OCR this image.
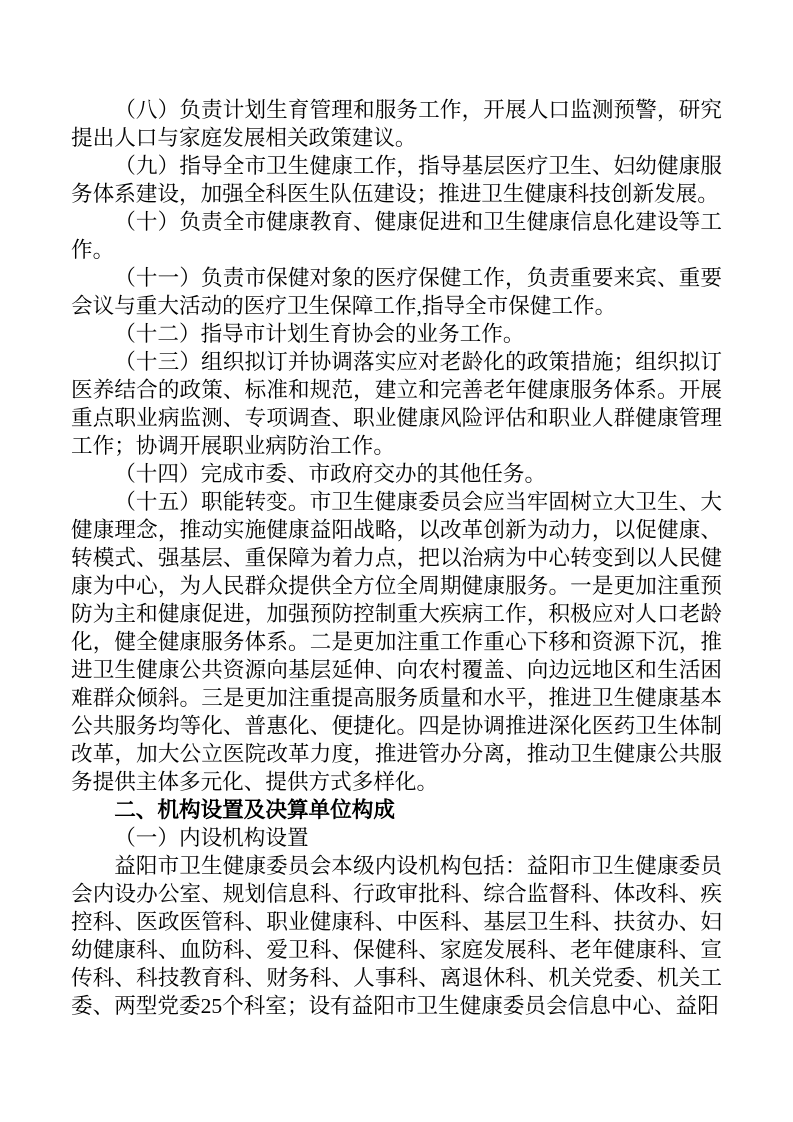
（八）负责计划生育管理和服务工作，开展人口监测预警，研究提出人口与家庭发展相关政策建议。

（九）指导全市卫生健康工作，指导基层医疗卫生、妇幼健康服务体系建设，加强全科医生队伍建设；推进卫生健康科技创新发展。

（十）负责全市健康教育、健康促进和卫生健康信息化建设等工作。

（十一）负责市保健对象的医疗保健工作，负责重要来宾、重要会议与重大活动的医疗卫生保障工作,指导全市保健工作。

（十二）指导市计划生育协会的业务工作。

（十三）组织拟订并协调落实应对老龄化的政策措施；组织拟订医养结合的政策、标准和规范，建立和完善老年健康服务体系。开展重点职业病监测、专项调查、职业健康风险评估和职业人群健康管理工作；协调开展职业病防治工作。

（十四）完成市委、市政府交办的其他任务。

（十五）职能转变。市卫生健康委员会应当牢固树立大卫生、大健康理念，推动实施健康益阳战略，以改革创新为动力，以促健康、转模式、强基层、重保障为着力点，把以治病为中心转变到以人民健康为中心，为人民群众提供全方位全周期健康服务。一是更加注重预防为主和健康促进，加强预防控制重大疾病工作，积极应对人口老龄化，健全健康服务体系。二是更加注重工作重心下移和资源下沉，推进卫生健康公共资源向基层延伸、向农村覆盖、向边远地区和生活困难群众倾斜。三是更加注重提高服务质量和水平，推进卫生健康基本公共服务均等化、普惠化、便捷化。四是协调推进深化医药卫生体制改革，加大公立医院改革力度，推进管办分离，推动卫生健康公共服务提供主体多元化、提供方式多样化。

二、机构设置及决算单位构成

（一）内设机构设置

益阳市卫生健康委员会本级内设机构包括：益阳市卫生健康委员会内设办公室、规划信息科、行政审批科、综合监督科、体改科、疾控科、医政医管科、职业健康科、中医科、基层卫生科、扶贫办、妇幼健康科、血防科、爱卫科、保健科、家庭发展科、老年健康科、宣传科、科技教育科、财务科、人事科、离退休科、机关党委、机关工委、两型党委25个科室；设有益阳市卫生健康委员会信息中心、益阳
